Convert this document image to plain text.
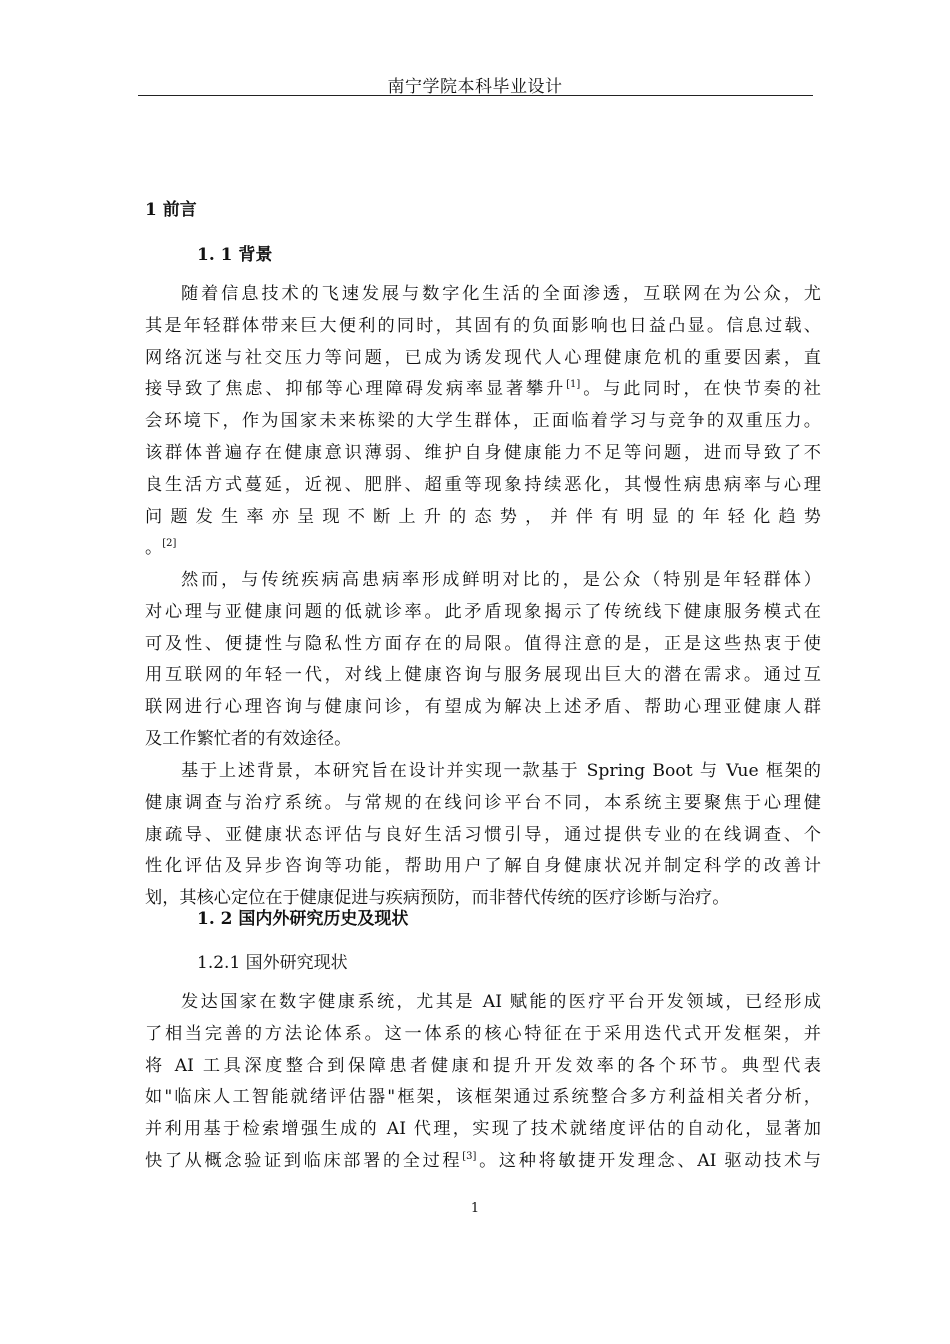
南宁学院本科毕业设计
1 前言
1. 1 背景
随着信息技术的飞速发展与数字化生活的全面渗透，互联网在为公众，尤
其是年轻群体带来巨大便利的同时，其固有的负面影响也日益凸显。信息过载、
网络沉迷与社交压力等问题，已成为诱发现代人心理健康危机的重要因素，直
接导致了焦虑、抑郁等心理障碍发病率显著攀升[1]。与此同时，在快节奏的社
会环境下，作为国家未来栋梁的大学生群体，正面临着学习与竞争的双重压力。
该群体普遍存在健康意识薄弱、维护自身健康能力不足等问题，进而导致了不
良生活方式蔓延，近视、肥胖、超重等现象持续恶化，其慢性病患病率与心理
问题发生率亦呈现不断上升的态势，并伴有明显的年轻化趋势
。[2]
然而，与传统疾病高患病率形成鲜明对比的，是公众（特别是年轻群体）
对心理与亚健康问题的低就诊率。此矛盾现象揭示了传统线下健康服务模式在
可及性、便捷性与隐私性方面存在的局限。值得注意的是，正是这些热衷于使
用互联网的年轻一代，对线上健康咨询与服务展现出巨大的潜在需求。通过互
联网进行心理咨询与健康问诊，有望成为解决上述矛盾、帮助心理亚健康人群
及工作繁忙者的有效途径。
基于上述背景，本研究旨在设计并实现一款基于 Spring Boot 与 Vue 框架的
健康调查与治疗系统。与常规的在线问诊平台不同，本系统主要聚焦于心理健
康疏导、亚健康状态评估与良好生活习惯引导，通过提供专业的在线调查、个
性化评估及异步咨询等功能，帮助用户了解自身健康状况并制定科学的改善计
划，其核心定位在于健康促进与疾病预防，而非替代传统的医疗诊断与治疗。
1. 2 国内外研究历史及现状
1.2.1 国外研究现状
发达国家在数字健康系统，尤其是 AI 赋能的医疗平台开发领域，已经形成
了相当完善的方法论体系。这一体系的核心特征在于采用迭代式开发框架，并
将 AI 工具深度整合到保障患者健康和提升开发效率的各个环节。典型代表
如"临床人工智能就绪评估器"框架，该框架通过系统整合多方利益相关者分析，
并利用基于检索增强生成的 AI 代理，实现了技术就绪度评估的自动化，显著加
快了从概念验证到临床部署的全过程[3]。这种将敏捷开发理念、AI 驱动技术与
1
